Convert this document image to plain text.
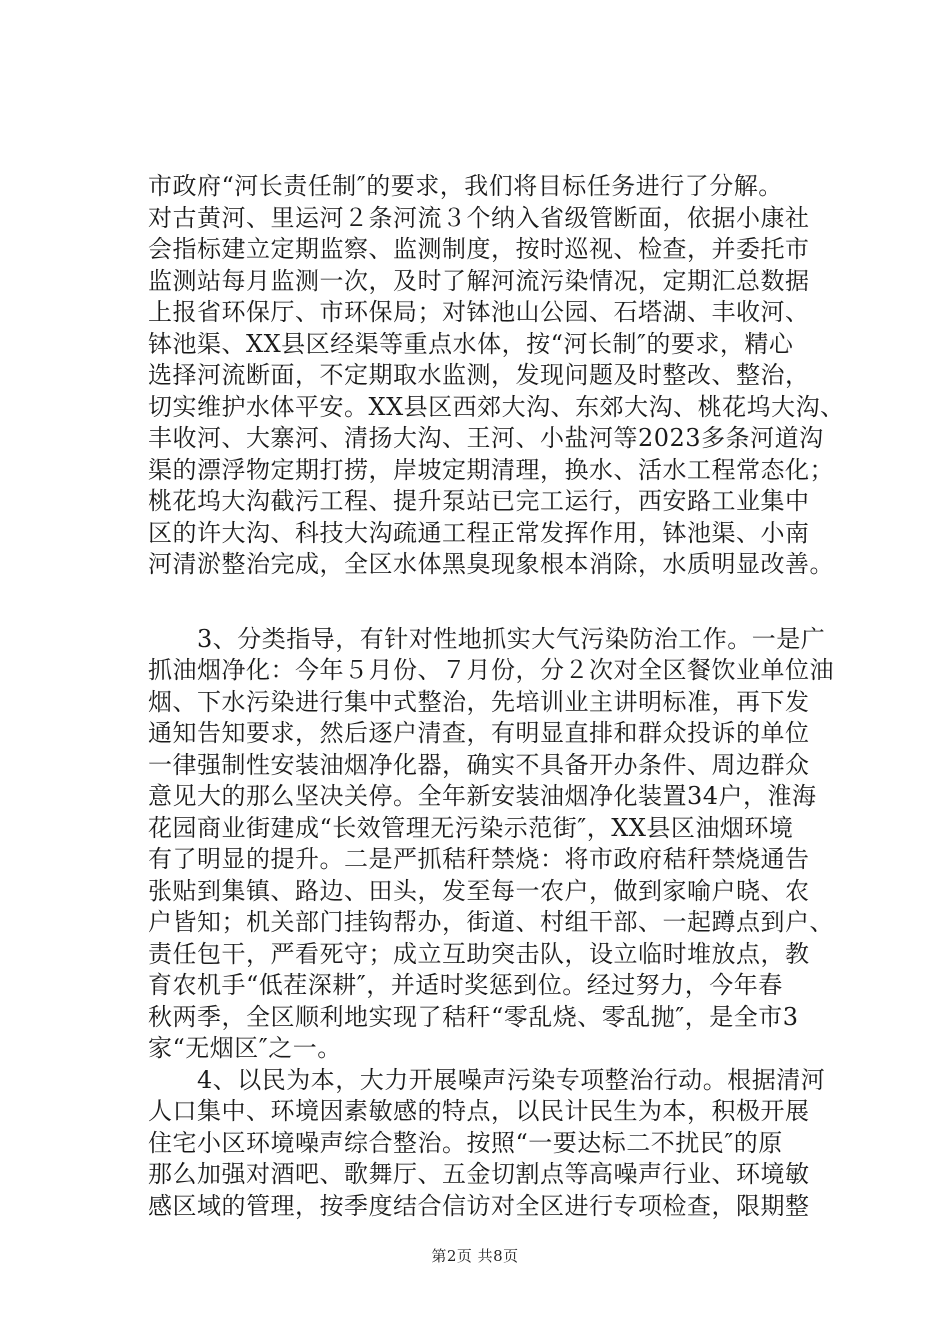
市政府“河长责任制″的要求，我们将目标任务进行了分解。
对古黄河、里运河２条河流３个纳入省级管断面，依据小康社
会指标建立定期监察、监测制度，按时巡视、检查，并委托市
监测站每月监测一次，及时了解河流污染情况，定期汇总数据
上报省环保厅、市环保局；对钵池山公园、石塔湖、丰收河、
钵池渠、XX县区经渠等重点水体，按“河长制″的要求，精心
选择河流断面，不定期取水监测，发现问题及时整改、整治，
切实维护水体平安。XX县区西郊大沟、东郊大沟、桃花坞大沟、
丰收河、大寨河、清扬大沟、王河、小盐河等2023多条河道沟
渠的漂浮物定期打捞，岸坡定期清理，换水、活水工程常态化；
桃花坞大沟截污工程、提升泵站已完工运行，西安路工业集中
区的许大沟、科技大沟疏通工程正常发挥作用，钵池渠、小南
河清淤整治完成，全区水体黑臭现象根本消除，水质明显改善。
　　3、分类指导，有针对性地抓实大气污染防治工作。一是广
抓油烟净化：今年５月份、７月份，分２次对全区餐饮业单位油
烟、下水污染进行集中式整治，先培训业主讲明标准，再下发
通知告知要求，然后逐户清查，有明显直排和群众投诉的单位
一律强制性安装油烟净化器，确实不具备开办条件、周边群众
意见大的那么坚决关停。全年新安装油烟净化装置34户，淮海
花园商业街建成“长效管理无污染示范街″，XX县区油烟环境
有了明显的提升。二是严抓秸秆禁烧：将市政府秸秆禁烧通告
张贴到集镇、路边、田头，发至每一农户，做到家喻户晓、农
户皆知；机关部门挂钩帮办，街道、村组干部、一起蹲点到户、
责任包干，严看死守；成立互助突击队，设立临时堆放点，教
育农机手“低茬深耕″，并适时奖惩到位。经过努力，今年春
秋两季，全区顺利地实现了秸秆“零乱烧、零乱抛″，是全市3
家“无烟区″之一。
　　4、以民为本，大力开展噪声污染专项整治行动。根据清河
人口集中、环境因素敏感的特点，以民计民生为本，积极开展
住宅小区环境噪声综合整治。按照“一要达标二不扰民″的原
那么加强对酒吧、歌舞厅、五金切割点等高噪声行业、环境敏
感区域的管理，按季度结合信访对全区进行专项检查，限期整
第2页 共8页
